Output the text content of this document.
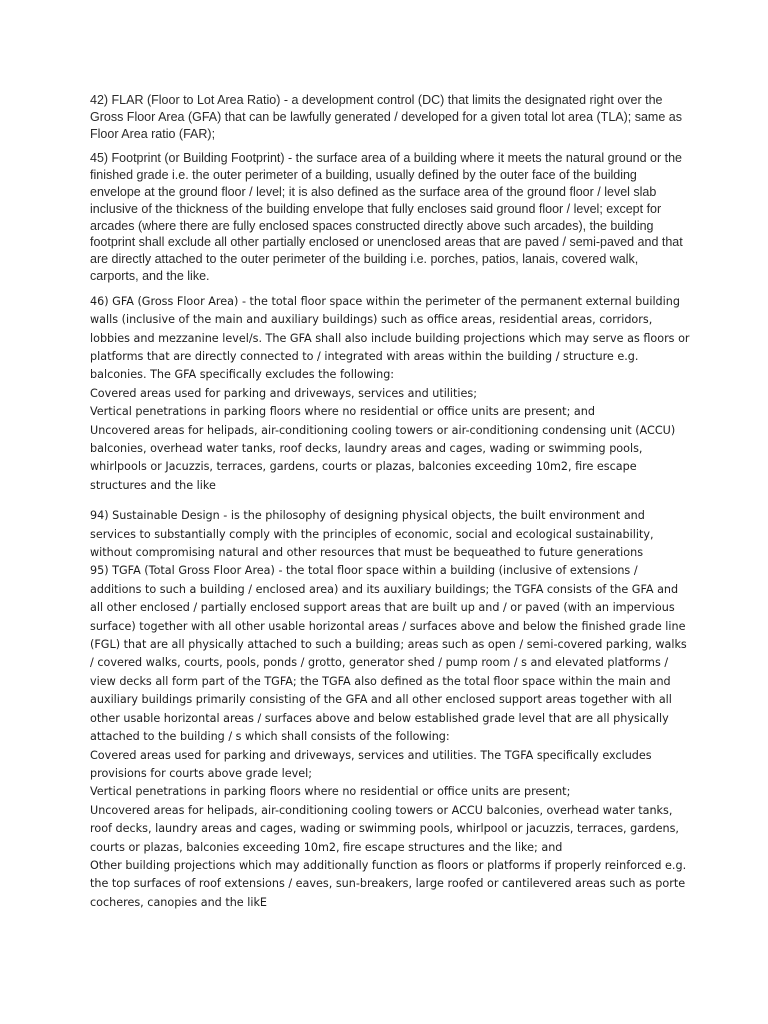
42) FLAR (Floor to Lot Area Ratio) - a development control (DC) that limits the designated right over the Gross Floor Area (GFA) that can be lawfully generated / developed for a given total lot area (TLA); same as Floor Area ratio (FAR);

45) Footprint (or Building Footprint) - the surface area of a building where it meets the natural ground or the finished grade i.e. the outer perimeter of a building, usually defined by the outer face of the building envelope at the ground floor / level; it is also defined as the surface area of the ground floor / level slab inclusive of the thickness of the building envelope that fully encloses said ground floor / level; except for arcades (where there are fully enclosed spaces constructed directly above such arcades), the building footprint shall exclude all other partially enclosed or unenclosed areas that are paved / semi-paved and that are directly attached to the outer perimeter of the building i.e. porches, patios, lanais, covered walk, carports, and the like.

46) GFA (Gross Floor Area) - the total floor space within the perimeter of the permanent external building walls (inclusive of the main and auxiliary buildings) such as office areas, residential areas, corridors, lobbies and mezzanine level/s. The GFA shall also include building projections which may serve as floors or platforms that are directly connected to / integrated with areas within the building / structure e.g. balconies. The GFA specifically excludes the following:
Covered areas used for parking and driveways, services and utilities;
Vertical penetrations in parking floors where no residential or office units are present; and
Uncovered areas for helipads, air-conditioning cooling towers or air-conditioning condensing unit (ACCU) balconies, overhead water tanks, roof decks, laundry areas and cages, wading or swimming pools, whirlpools or Jacuzzis, terraces, gardens, courts or plazas, balconies exceeding 10m2, fire escape structures and the like
94) Sustainable Design - is the philosophy of designing physical objects, the built environment and services to substantially comply with the principles of economic, social and ecological sustainability, without compromising natural and other resources that must be bequeathed to future generations
95) TGFA (Total Gross Floor Area) - the total floor space within a building (inclusive of extensions / additions to such a building / enclosed area) and its auxiliary buildings; the TGFA consists of the GFA and all other enclosed / partially enclosed support areas that are built up and / or paved (with an impervious surface) together with all other usable horizontal areas / surfaces above and below the finished grade line (FGL) that are all physically attached to such a building; areas such as open / semi-covered parking, walks / covered walks, courts, pools, ponds / grotto, generator shed / pump room / s and elevated platforms / view decks all form part of the TGFA; the TGFA also defined as the total floor space within the main and auxiliary buildings primarily consisting of the GFA and all other enclosed support areas together with all other usable horizontal areas / surfaces above and below established grade level that are all physically attached to the building / s which shall consists of the following:
Covered areas used for parking and driveways, services and utilities. The TGFA specifically excludes provisions for courts above grade level;
Vertical penetrations in parking floors where no residential or office units are present;
Uncovered areas for helipads, air-conditioning cooling towers or ACCU balconies, overhead water tanks, roof decks, laundry areas and cages, wading or swimming pools, whirlpool or jacuzzis, terraces, gardens, courts or plazas, balconies exceeding 10m2, fire escape structures and the like; and
Other building projections which may additionally function as floors or platforms if properly reinforced e.g. the top surfaces of roof extensions / eaves, sun-breakers, large roofed or cantilevered areas such as porte cocheres, canopies and the likE
